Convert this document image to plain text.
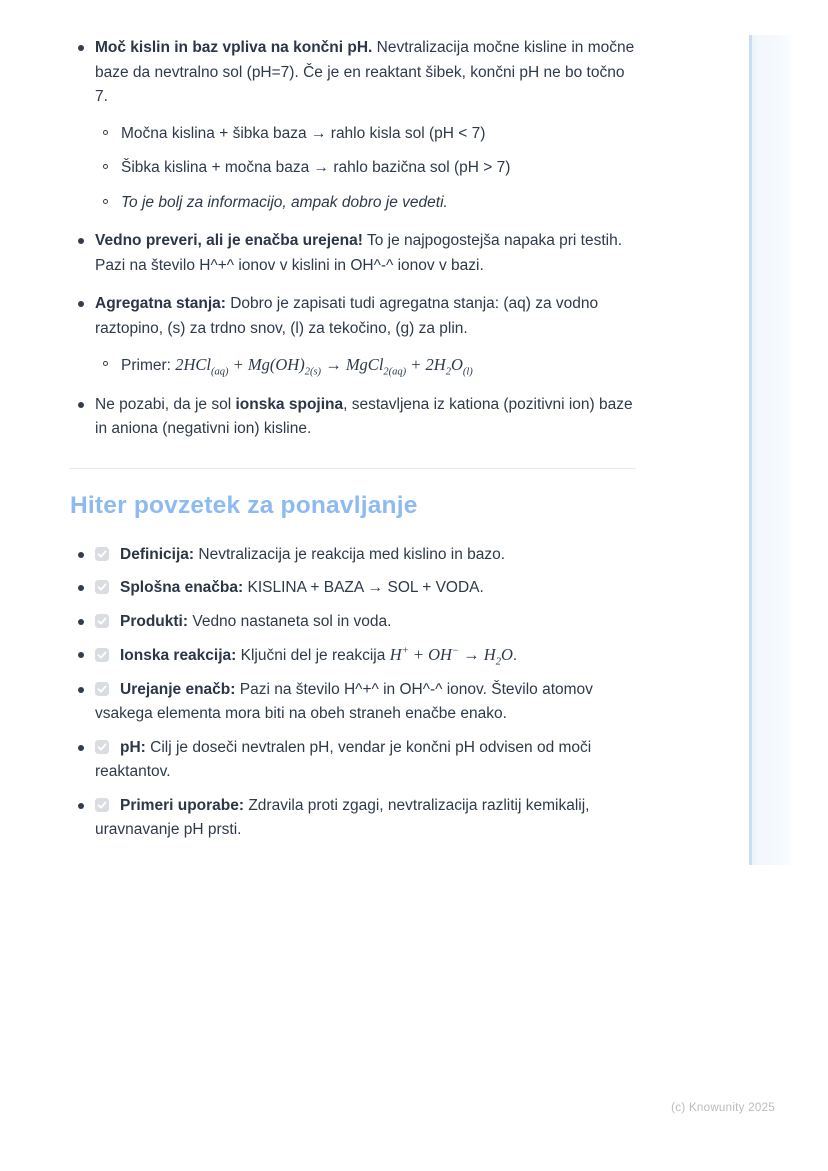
Moč kislin in baz vpliva na končni pH. Nevtralizacija močne kisline in močne baze da nevtralno sol (pH=7). Če je en reaktant šibek, končni pH ne bo točno 7.
Močna kislina + šibka baza → rahlo kisla sol (pH < 7)
Šibka kislina + močna baza → rahlo bazična sol (pH > 7)
To je bolj za informacijo, ampak dobro je vedeti.
Vedno preveri, ali je enačba urejena! To je najpogostejša napaka pri testih. Pazi na število H^+^ ionov v kislini in OH^-^ ionov v bazi.
Agregatna stanja: Dobro je zapisati tudi agregatna stanja: (aq) za vodno raztopino, (s) za trdno snov, (l) za tekočino, (g) za plin.
Primer: $2HCl_{(aq)} + Mg(OH)_{2(s)}$ → MgCl$_{2(aq)}$ + $2H_2O_{(l)}$
Ne pozabi, da je sol ionska spojina, sestavljena iz kationa (pozitivni ion) baze in aniona (negativni ion) kisline.
Hiter povzetek za ponavljanje
Definicija: Nevtralizacija je reakcija med kislino in bazo.
Splošna enačba: KISLINA + BAZA → SOL + VODA.
Produkti: Vedno nastaneta sol in voda.
Ionska reakcija: Ključni del je reakcija $H^+ + OH^- \to H_2O$.
Urejanje enačb: Pazi na število H^+^ in OH^-^ ionov. Število atomov vsakega elementa mora biti na obeh straneh enačbe enako.
pH: Cilj je doseči nevtralen pH, vendar je končni pH odvisen od moči reaktantov.
Primeri uporabe: Zdravila proti zgagi, nevtralizacija razlitij kemikalij, uravnavanje pH prsti.
(c) Knowunity 2025
